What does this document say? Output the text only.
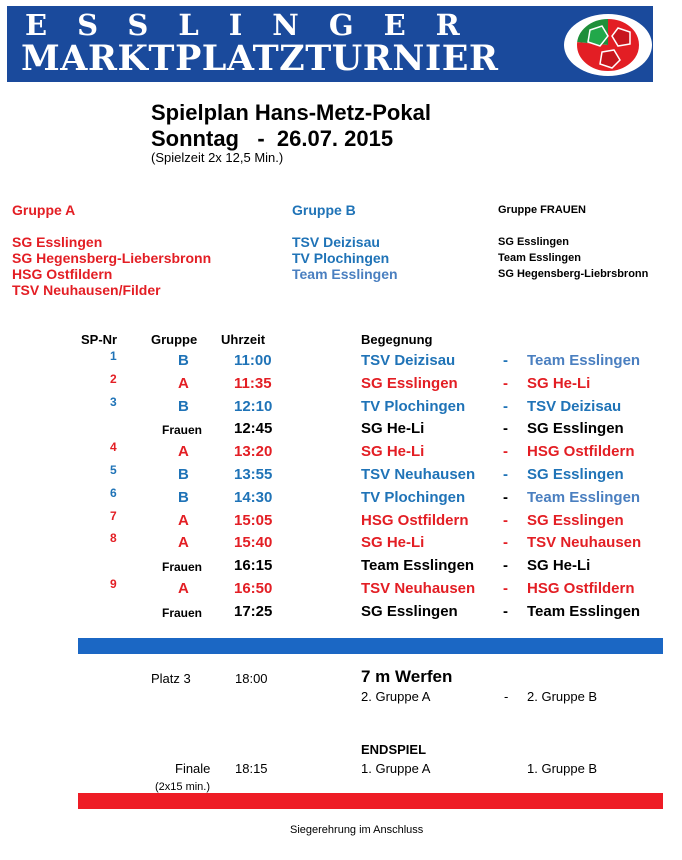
ESSLINGER
MARKTPLATZTURNIER
Spielplan Hans-Metz-Pokal
Sonntag   -  26.07. 2015
(Spielzeit 2x 12,5 Min.)
Gruppe A
SG Esslingen
SG Hegensberg-Liebersbronn
HSG Ostfildern
TSV Neuhausen/Filder
Gruppe B
TSV Deizisau
TV Plochingen
Team Esslingen
Gruppe FRAUEN
SG Esslingen
Team Esslingen
SG Hegensberg-Liebrsbronn
SP-Nr	Gruppe Uhrzeit	Begegnung
1	B	11:00	TSV Deizisau	- Team Esslingen
2	A	11:35	SG Esslingen	- SG He-Li
3	B	12:10	TV Plochingen	- TSV Deizisau
Frauen 12:45	SG He-Li	- SG Esslingen
4	A	13:20	SG He-Li	- HSG Ostfildern
5	B	13:55	TSV Neuhausen - SG Esslingen
6	B	14:30	TV Plochingen	- Team Esslingen
7	A	15:05	HSG Ostfildern - SG Esslingen
8	A	15:40	SG He-Li	- TSV Neuhausen
Frauen 16:15	Team Esslingen - SG He-Li
9	A	16:50	TSV Neuhausen - HSG Ostfildern
Frauen 17:25	SG Esslingen	- Team Esslingen
Platz 3	18:00	7 m Werfen
2. Gruppe A	- 2. Gruppe B
ENDSPIEL
Finale 18:15	1. Gruppe A	1. Gruppe B
(2x15 min.)
Siegerehrung im Anschluss
